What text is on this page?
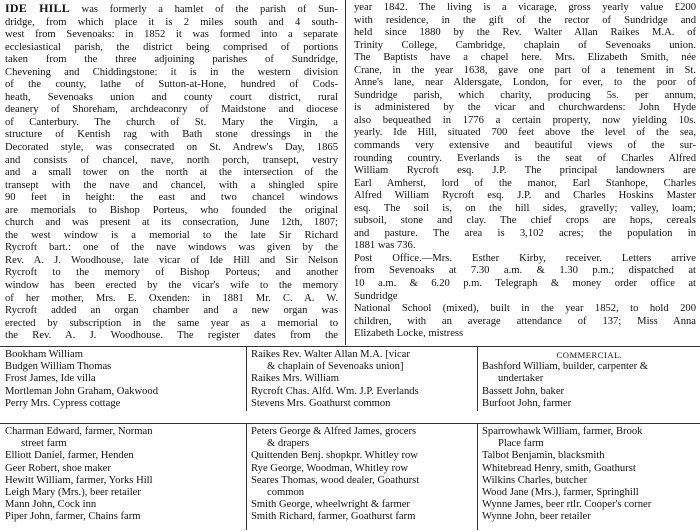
IDE HILL was formerly a hamlet of the parish of Sun-
dridge, from which place it is 2 miles south and 4 south-
west from Sevenoaks: in 1852 it was formed into a separate
ecclesiastical parish, the district being comprised of portions
taken from the three adjoining parishes of Sundridge,
Chevening and Chiddingstone: it is in the western division
of the county, lathe of Sutton-at-Hone, hundred of Cods-
heath, Sevenoaks union and county court district, rural
deanery of Shoreham, archdeaconry of Maidstone and diocese
of Canterbury. The church of St. Mary the Virgin, a
structure of Kentish rag with Bath stone dressings in the
Decorated style, was consecrated on St. Andrew's Day, 1865
and consists of chancel, nave, north porch, transept, vestry
and a small tower on the north at the intersection of the
transept with the nave and chancel, with a shingled spire
90 feet in height: the east and two chancel windows
are memorials to Bishop Porteus, who founded the original
church and was present at its consecration, June 12th, 1807;
the west window is a memorial to the late Sir Richard
Rycroft bart.: one of the nave windows was given by the
Rev. A. J. Woodhouse, late vicar of Ide Hill and Sir Nelson
Rycroft to the memory of Bishop Porteus; and another
window has been erected by the vicar's wife to the memory
of her mother, Mrs. E. Oxenden: in 1881 Mr. C. A. W.
Rycroft added an organ chamber and a new organ was
erected by subscription in the same year as a memorial to
the Rev. A. J. Woodhouse. The register dates from the
year 1842. The living is a vicarage, gross yearly value £200
with residence, in the gift of the rector of Sundridge and
held since 1880 by the Rev. Walter Allan Raikes M.A. of
Trinity College, Cambridge, chaplain of Sevenoaks union.
The Baptists have a chapel here. Mrs. Elizabeth Smith, née
Crane, in the year 1638, gave one part of a tenement in St.
Anne's lane, near Aldersgate, London, for ever, to the poor of
Sundridge parish, which charity, producing 5s. per annum,
is administered by the vicar and churchwardens: John Hyde
also bequeathed in 1776 a certain property, now yielding 10s.
yearly. Ide Hill, situated 700 feet above the level of the sea,
commands very extensive and beautiful views of the sur-
rounding country. Everlands is the seat of Charles Alfred
William Rycroft esq. J.P. The principal landowners are
Earl Amherst, lord of the manor, Earl Stanhope, Charles
Alfred William Rycroft esq. J.P. and Charles Hoskins Master
esq. The soil is, on the hill sides, gravelly; valley, loam;
subsoil, stone and clay. The chief crops are hops, cereals
and pasture. The area is 3,102 acres; the population in
1881 was 736.
Post Office.—Mrs. Esther Kirby, receiver. Letters arrive
from Sevenoaks at 7.30 a.m. & 1.30 p.m.; dispatched at
10 a.m. & 6.20 p.m. Telegraph & money order office at
Sundridge
National School (mixed), built in the year 1852, to hold 200
children, with an average attendance of 137; Miss Anna
Elizabeth Locke, mistress
Bookham William
Budgen William Thomas
Frost James, Ide villa
Mortleman John Graham, Oakwood
Perry Mrs. Cypress cottage
Raikes Rev. Walter Allan M.A. [vicar
& chaplain of Sevenoaks union]
Raikes Mrs. William
Rycroft Chas. Alfd. Wm. J.P. Everlands
Stevens Mrs. Goathurst common
COMMERCIAL.
Bashford William, builder, carpenter &
undertaker
Bassett John, baker
Burfoot John, farmer
Charman Edward, farmer, Norman
street farm
Elliott Daniel, farmer, Henden
Geer Robert, shoe maker
Hewitt William, farmer, Yorks Hill
Leigh Mary (Mrs.), beer retailer
Mann John, Cock inn
Piper John, farmer, Chains farm
Peters George & Alfred James, grocers
& drapers
Quittenden Benj. shopkpr. Whitley row
Rye George, Woodman, Whitley row
Seares Thomas, wood dealer, Goathurst
common
Smith George, wheelwright & farmer
Smith Richard, farmer, Goathurst farm
Sparrowhawk William, farmer, Brook
Place farm
Talbot Benjamin, blacksmith
Whitebread Henry, smith, Goathurst
Wilkins Charles, butcher
Wood Jane (Mrs.), farmer, Springhill
Wynne James, beer rtlr. Cooper's corner
Wynne John, beer retailer
